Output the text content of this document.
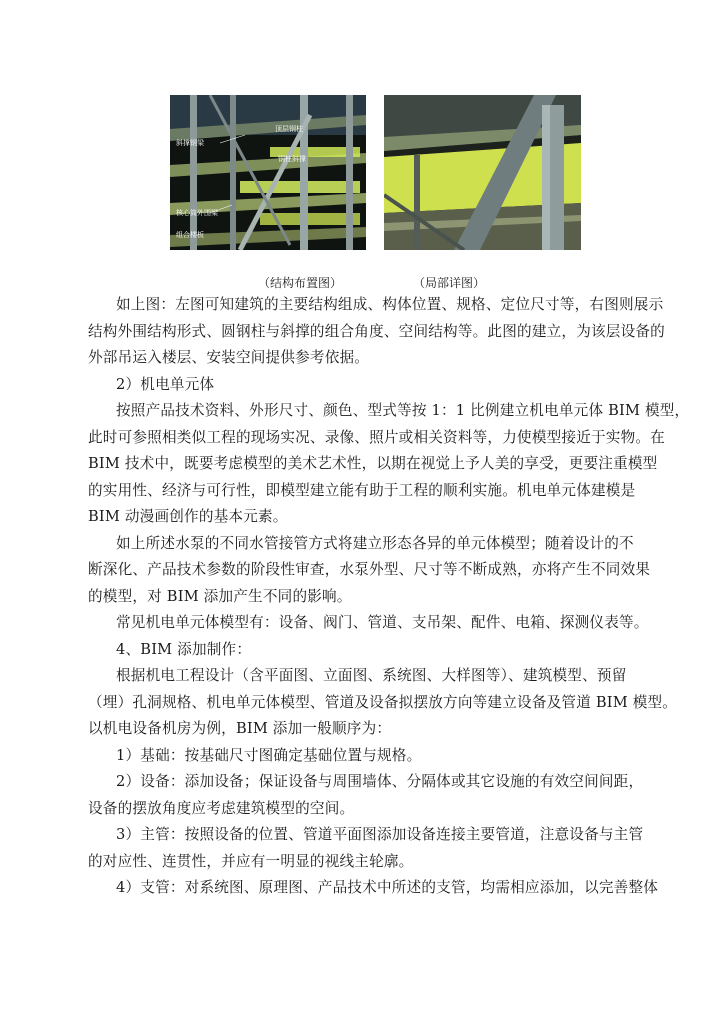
顶层钢柱
斜撑钢梁
钢柱斜撑
核心筒外围梁
组合楼板
（结构布置图）	（局部详图）
如上图：左图可知建筑的主要结构组成、构体位置、规格、定位尺寸等，右图则展示
结构外围结构形式、圆钢柱与斜撑的组合角度、空间结构等。此图的建立，为该层设备的
外部吊运入楼层、安装空间提供参考依据。
2）机电单元体
按照产品技术资料、外形尺寸、颜色、型式等按 1：1 比例建立机电单元体 BIM 模型，
此时可参照相类似工程的现场实况、录像、照片或相关资料等，力使模型接近于实物。在
BIM 技术中，既要考虑模型的美术艺术性，以期在视觉上予人美的享受，更要注重模型
的实用性、经济与可行性，即模型建立能有助于工程的顺利实施。机电单元体建模是
BIM 动漫画创作的基本元素。
如上所述水泵的不同水管接管方式将建立形态各异的单元体模型；随着设计的不
断深化、产品技术参数的阶段性审查，水泵外型、尺寸等不断成熟，亦将产生不同效果
的模型，对 BIM 添加产生不同的影响。
常见机电单元体模型有：设备、阀门、管道、支吊架、配件、电箱、探测仪表等。
4、BIM 添加制作：
根据机电工程设计（含平面图、立面图、系统图、大样图等）、建筑模型、预留
（埋）孔洞规格、机电单元体模型、管道及设备拟摆放方向等建立设备及管道 BIM 模型。
以机电设备机房为例，BIM 添加一般顺序为：
1）基础：按基础尺寸图确定基础位置与规格。
2）设备：添加设备；保证设备与周围墙体、分隔体或其它设施的有效空间间距，
设备的摆放角度应考虑建筑模型的空间。
3）主管：按照设备的位置、管道平面图添加设备连接主要管道，注意设备与主管
的对应性、连贯性，并应有一明显的视线主轮廓。
4）支管：对系统图、原理图、产品技术中所述的支管，均需相应添加，以完善整体
